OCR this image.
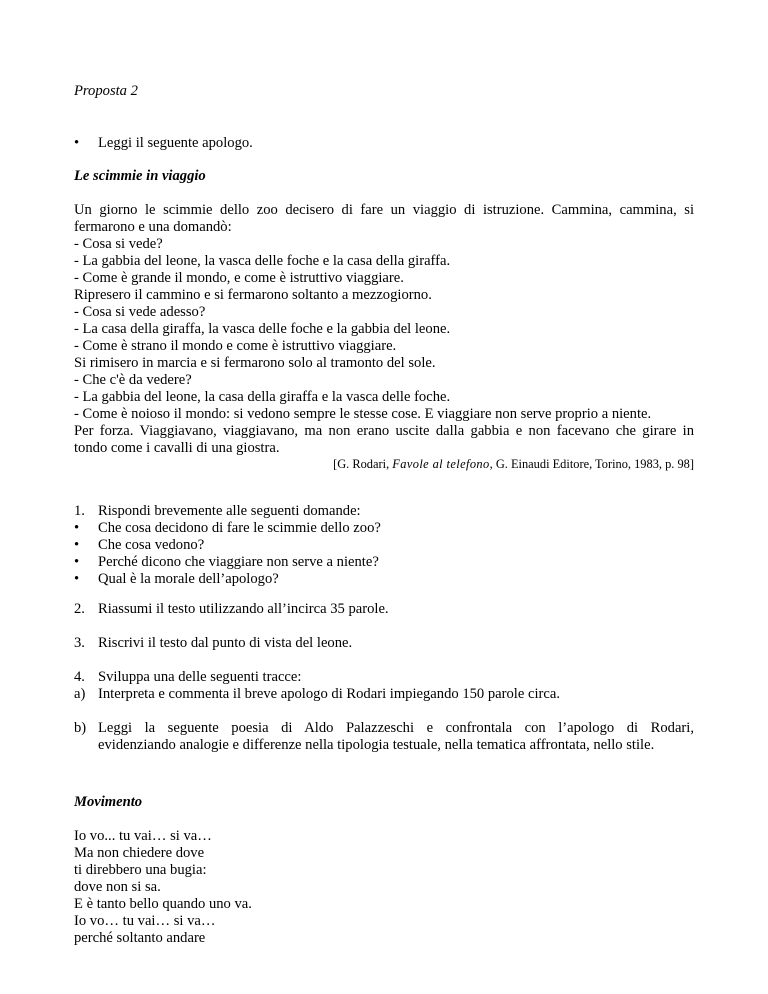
Proposta 2
• Leggi il seguente apologo.
Le scimmie in viaggio
Un giorno le scimmie dello zoo decisero di fare un viaggio di istruzione. Cammina, cammina, si
fermarono e una domandò:
- Cosa si vede?
- La gabbia del leone, la vasca delle foche e la casa della giraffa.
- Come è grande il mondo, e come è istruttivo viaggiare.
Ripresero il cammino e si fermarono soltanto a mezzogiorno.
- Cosa si vede adesso?
- La casa della giraffa, la vasca delle foche e la gabbia del leone.
- Come è strano il mondo e come è istruttivo viaggiare.
Si rimisero in marcia e si fermarono solo al tramonto del sole.
- Che c'è da vedere?
- La gabbia del leone, la casa della giraffa e la vasca delle foche.
- Come è noioso il mondo: si vedono sempre le stesse cose. E viaggiare non serve proprio a niente.
Per forza. Viaggiavano, viaggiavano, ma non erano uscite dalla gabbia e non facevano che girare in
tondo come i cavalli di una giostra.
[G. Rodari, Favole al telefono, G. Einaudi Editore, Torino, 1983, p. 98]
1. Rispondi brevemente alle seguenti domande:
• Che cosa decidono di fare le scimmie dello zoo?
• Che cosa vedono?
• Perché dicono che viaggiare non serve a niente?
• Qual è la morale dell’apologo?
2. Riassumi il testo utilizzando all’incirca 35 parole.
3. Riscrivi il testo dal punto di vista del leone.
4. Sviluppa una delle seguenti tracce:
a) Interpreta e commenta il breve apologo di Rodari impiegando 150 parole circa.
b) Leggi la seguente poesia di Aldo Palazzeschi e confrontala con l’apologo di Rodari,
evidenziando analogie e differenze nella tipologia testuale, nella tematica affrontata, nello stile.
Movimento
Io vo... tu vai… si va…
Ma non chiedere dove
ti direbbero una bugia:
dove non si sa.
E è tanto bello quando uno va.
Io vo… tu vai… si va…
perché soltanto andare
